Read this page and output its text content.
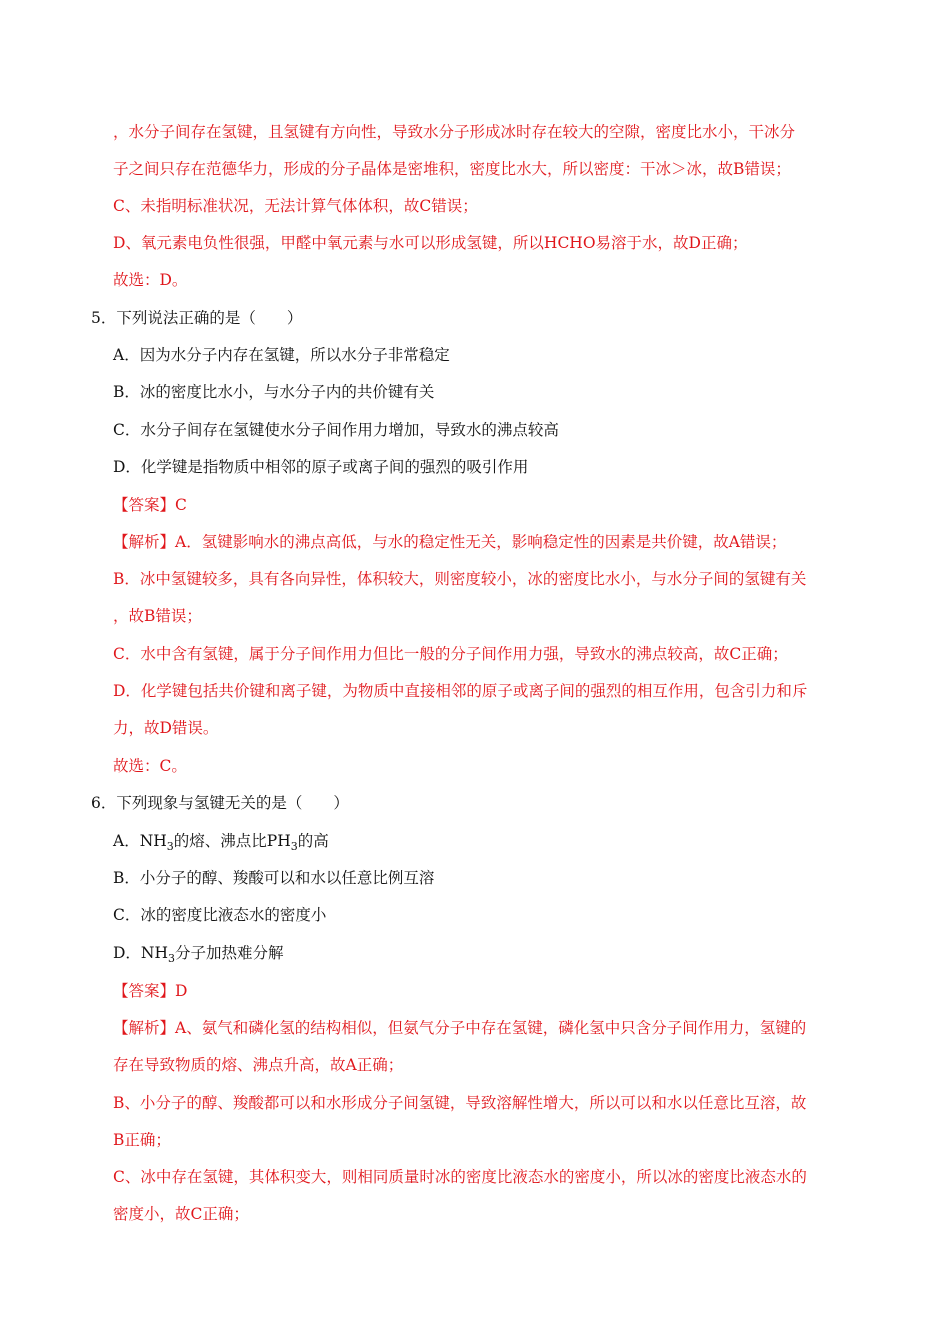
，水分子间存在氢键，且氢键有方向性，导致水分子形成冰时存在较大的空隙，密度比水小，干冰分
子之间只存在范德华力，形成的分子晶体是密堆积，密度比水大，所以密度：干冰＞冰，故B错误；
C、未指明标准状况，无法计算气体体积，故C错误；
D、氧元素电负性很强，甲醛中氧元素与水可以形成氢键，所以HCHO易溶于水，故D正确；
故选：D。
5．下列说法正确的是（　　）
A．因为水分子内存在氢键，所以水分子非常稳定
B．冰的密度比水小，与水分子内的共价键有关
C．水分子间存在氢键使水分子间作用力增加，导致水的沸点较高
D．化学键是指物质中相邻的原子或离子间的强烈的吸引作用
【答案】C
【解析】A．氢键影响水的沸点高低，与水的稳定性无关，影响稳定性的因素是共价键，故A错误；
B．冰中氢键较多，具有各向异性，体积较大，则密度较小，冰的密度比水小，与水分子间的氢键有关
，故B错误；
C．水中含有氢键，属于分子间作用力但比一般的分子间作用力强，导致水的沸点较高，故C正确；
D．化学键包括共价键和离子键，为物质中直接相邻的原子或离子间的强烈的相互作用，包含引力和斥
力，故D错误。
故选：C。
6．下列现象与氢键无关的是（　　）
A．$NH_3$的熔、沸点比$PH_3$的高
B．小分子的醇、羧酸可以和水以任意比例互溶
C．冰的密度比液态水的密度小
D．$NH_3$分子加热难分解
【答案】D
【解析】A、氨气和磷化氢的结构相似，但氨气分子中存在氢键，磷化氢中只含分子间作用力，氢键的
存在导致物质的熔、沸点升高，故A正确；
B、小分子的醇、羧酸都可以和水形成分子间氢键，导致溶解性增大，所以可以和水以任意比互溶，故
B正确；
C、冰中存在氢键，其体积变大，则相同质量时冰的密度比液态水的密度小，所以冰的密度比液态水的
密度小，故C正确；
